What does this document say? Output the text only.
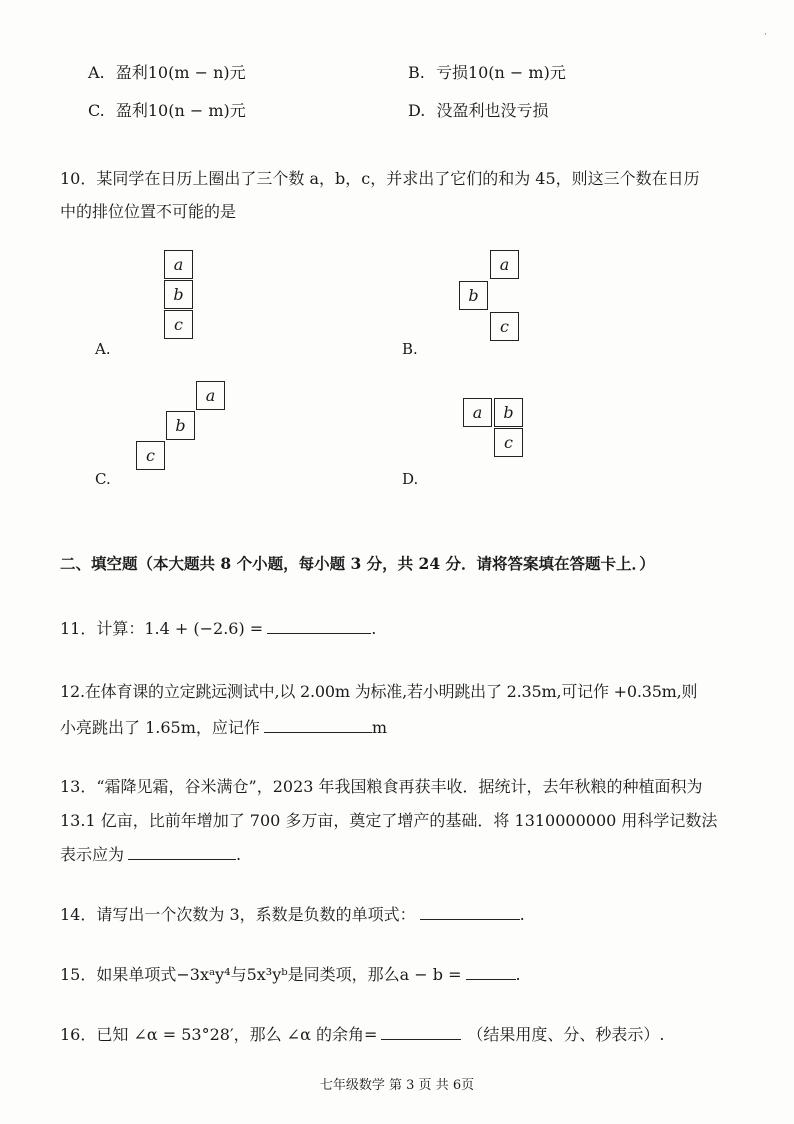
·
A. 盈利10(m − n)元	B. 亏损10(n − m)元
C. 盈利10(n − m)元	D. 没盈利也没亏损
10．某同学在日历上圈出了三个数 a，b，c，并求出了它们的和为 45，则这三个数在日历
中的排位位置不可能的是
a
b
c
A.
a
b
c
B.
a
b
c
C.
a	b
c
D.
二、填空题（本大题共 8 个小题，每小题 3 分，共 24 分．请将答案填在答题卡上．）
11．计算：1.4 + (−2.6) =	.
12.在体育课的立定跳远测试中,以 2.00m 为标准,若小明跳出了 2.35m,可记作 +0.35m,则
小亮跳出了 1.65m，应记作	m
13．“霜降见霜，谷米满仓”，2023 年我国粮食再获丰收．据统计，去年秋粮的种植面积为
13.1 亿亩，比前年增加了 700 多万亩，奠定了增产的基础．将 1310000000 用科学记数法
表示应为	.
14．请写出一个次数为 3，系数是负数的单项式：	.
15．如果单项式−3xᵃy⁴与5x³yᵇ是同类项，那么a − b =	.
16．已知 ∠α = 53°28′，那么 ∠α 的余角=	（结果用度、分、秒表示）.
七年级数学 第 3 页 共 6页
